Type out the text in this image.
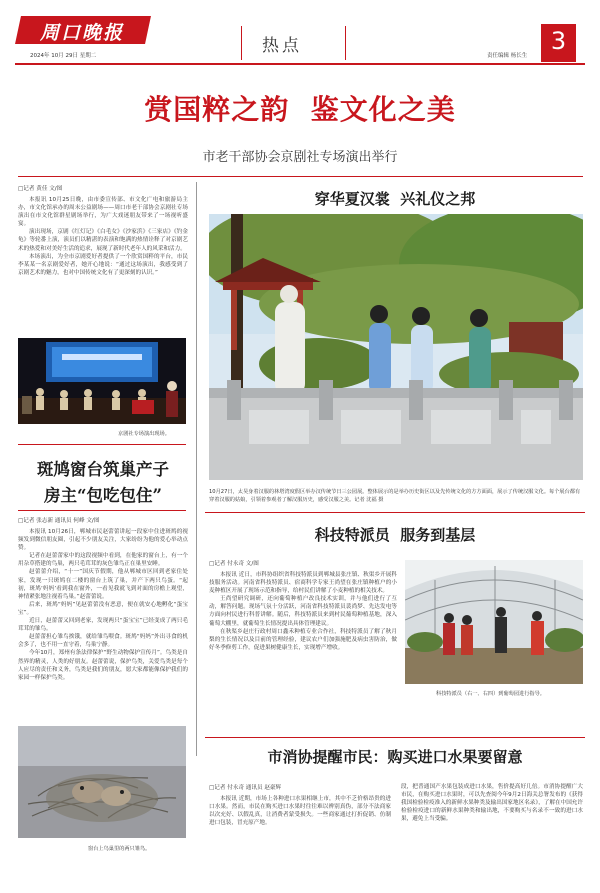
周口晚报
2024年 10月 29日 星期二	热点	责任编辑 杨长生
3
赏国粹之韵  鉴文化之美
市老干部协会京剧社专场演出举行
□记者 黄佳 文/图

本报讯 10月25日晚，由市委宣传部、市文化广电和旅游局主办，市文化馆承办的周末公益剧场——周口市老干部协会京剧社专场演出在市文化馆群星剧场举行，为广大戏迷朋友带来了一场视听盛宴。

演出现场，京剧《红灯记》《白毛女》《沙家浜》《三家店》《钓金龟》等轮番上演，演员们以精湛的表演和饱满的热情诠释了对京剧艺术的热爱和对美好生活的追求，展现了新时代老年人的风采和活力。

本场演出，为全市京剧爱好者提供了一个欣赏国粹的平台，市民李某某一名京剧爱好者，她开心地说：“通过这场演出，我感受到了京剧艺术的魅力，也对中国传统文化有了更深刻的认识。”

京剧社专场演出现场。
斑鸠窗台筑巢产子
房主“包吃包住”
□记者 张志新 通讯员 何峰 文/图

本报讯 10月26日，郸城市民赵蕾蕾讲起一段家中住进斑鸠的视频发到微信朋友圈，引起不少朋友关注，大家纷纷为他的爱心举动点赞。

记者在赵蕾蕾家中的这段视频中看到，在他家的窗台上，有一个用杂草搭建的鸟巢，两只毛茸茸的灰色雏鸟正在巢里安睡。

赵蕾蕾介绍，“十一”国庆节假期，他从郸城市区回到老家住处家，发现一只斑鸠在二楼的窗台上筑了巢，并产下两只鸟蛋。“起初，斑鸠‘妈妈’看到我在窗外，一看见我就飞到对面的房檐上观望，神情紧张地注视着鸟巢。”赵蕾蕾说。

后来，斑鸠“妈妈”见赵蕾蕾没有恶意，便在就安心地孵化“蛋宝宝”。

近日，赵蕾蕾又回到老家，发现两只“蛋宝宝”已经变成了两只毛茸茸的雏鸟。

赵蕾蕾担心雏鸟挨饿，就给雏鸟喂食。斑鸠“妈妈”外出寻食的机会多了，也不用一直守着，鸟巢宁静。

今年10月，郑州有条法律保护“野生动物保护宣传月”。鸟类是自然界的精灵，人类的好朋友。赵蕾蕾说，保护鸟类，关爱鸟类是每个人应尽的责任和义务，鸟类是我们的朋友，愿大家都能像保护我们的家园一样保护鸟类。

窗台上鸟巢里的两只雏鸟。
穿华夏汉裳  兴礼仪之邦
10月27日，太昊身着汉服的林塔湾度假区举办汉传统节日三公园展。整体展示的是举办历史街区以及先传统文化的方方面面，展示了传统汉服文化。每个展台都有穿着汉服的姑娘，引领着参观者了解汉服历史，感受汉服之美。记者 沈福 摄
科技特派员  服务到基层
□记者 付永奇 文/图

本报讯 近日，市科协组织省科技特派员到郸城县张庄镇、秋渠乡开展科技服务活动。河南省科技特派员、宿商科学专家王尚望在张庄镇种植户的小麦种植区开展了现场示范和指导，给村民们讲解了小麦种植的相关技术。

王尚望研究调研，还向葡萄种植户改良技术实训，并与他们进行了互动，解答问题。现场气氛十分活跃，河南省科技特派员裴尚梦、先达发电等方面向村民进行科普讲解。随后，科技特派员来到村民葡萄种植基地，深入葡萄大棚里，就葡萄生长情况提出具体管理建议。

在秋渠乡赵庄行政村周口鑫禾种植专业合作社，科技特派员了解了秋月梨的生长情况以及目前的管理经验，建议农户们加强施肥及病虫害防治，做好冬季修剪工作，促进果树健康生长，实现增产增收。

科技特派员（右一、右四）到葡萄园进行指导。
市消协提醒市民：购买进口水果要留意
□记者 付永奇 通讯员 赵豪辉

本报讯 近期，市场上各种进口水果相继上市，其中不乏价格昂贵的进口水果。然而，市民在购买进口水果时往往难以辨别真伪，部分不法商家以次充好、以假乱真，让消费者蒙受损失。一些商家通过打折促销、仿制进口包装，冒充原产地。

段，把普通国产水果包装成进口水果，售价提高好几倍。市消协提醒广大市民，在购买进口水果时，可以先查阅今年9月2日海关总署发布的《获得我国检验检疫准入的新鲜水果种类及输出国家地区名录》，了解在中国允许检验检疫进口的新鲜水果种类和输出地，不要购买与名录不一致的进口水果，避免上当受骗。
